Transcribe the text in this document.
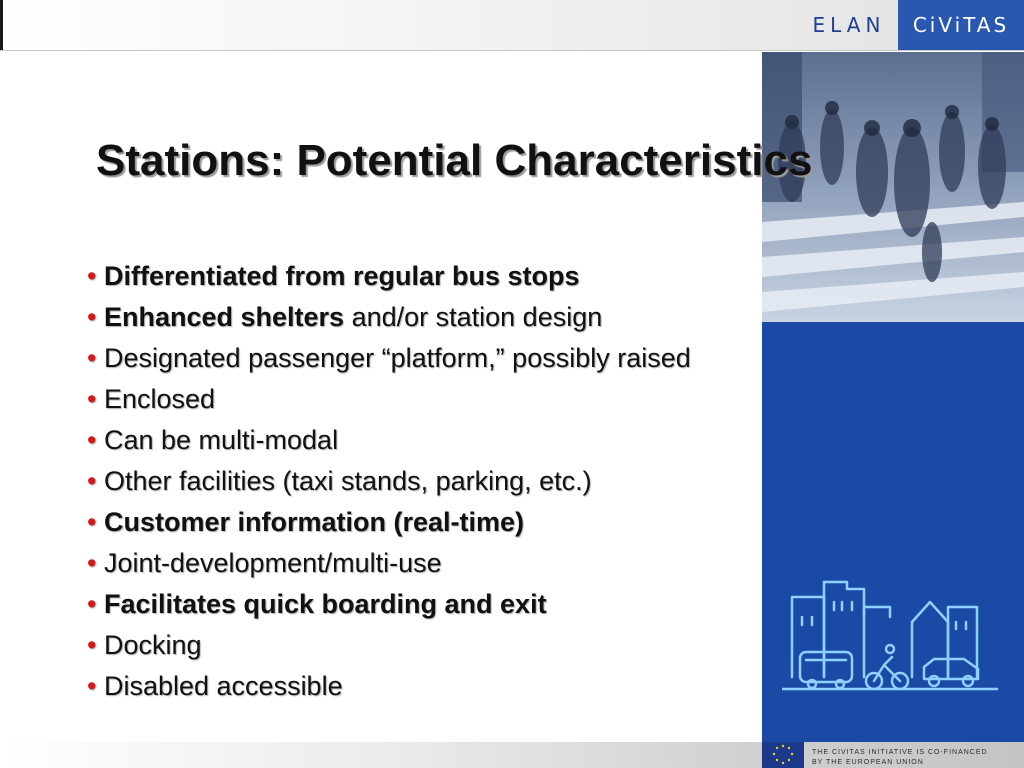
ELAN CiViTAS
Stations: Potential Characteristics
• Differentiated from regular bus stops
• Enhanced shelters and/or station design
• Designated passenger “platform,” possibly raised
• Enclosed
• Can be multi-modal
• Other facilities (taxi stands, parking, etc.)
• Customer information (real-time)
• Joint-development/multi-use
• Facilitates quick boarding and exit
• Docking
• Disabled accessible
THE CIVITAS INITIATIVE IS CO-FINANCED
BY THE EUROPEAN UNION
